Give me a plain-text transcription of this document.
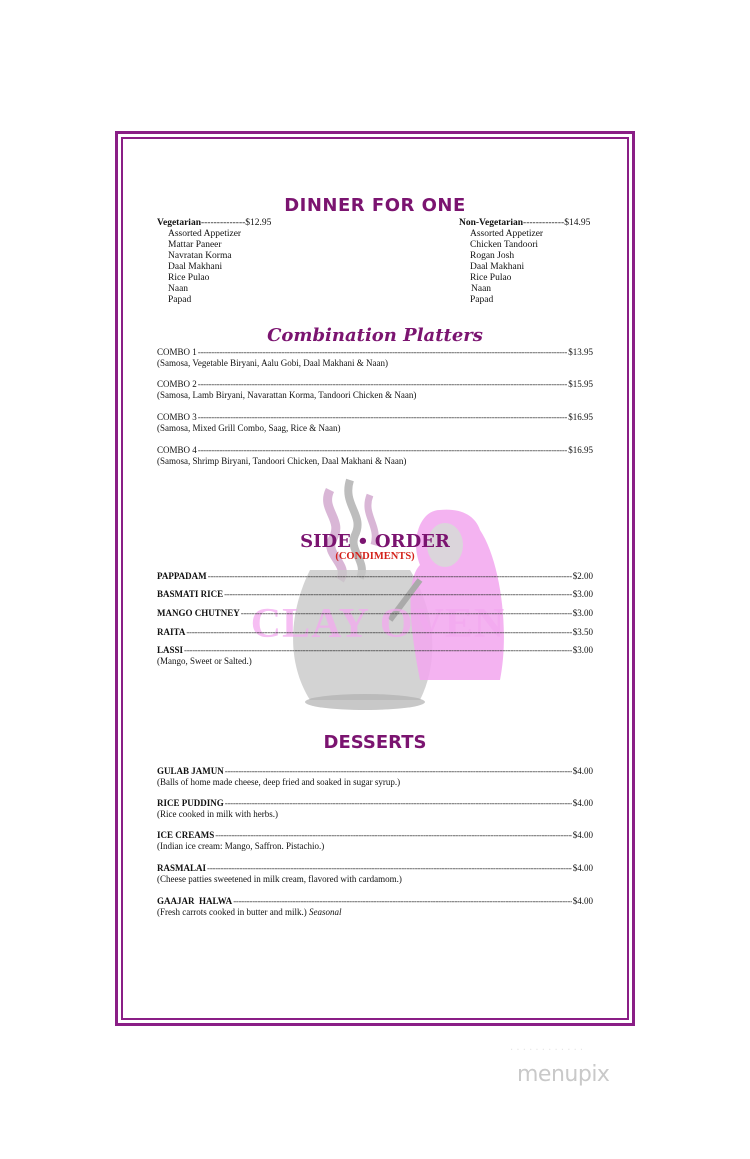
CLAY OVEN
DINNER FOR ONE
Vegetarian--------------$12.95
Assorted Appetizer
Mattar Paneer
Navratan Korma
Daal Makhani
Rice Pulao
Naan
Papad
Non-Vegetarian-------------$14.95
Assorted Appetizer
Chicken Tandoori
Rogan Josh
Daal Makhani
Rice Pulao
Naan
Papad
Combination Platters
COMBO 1 -----	$13.95
(Samosa, Vegetable Biryani, Aalu Gobi, Daal Makhani & Naan)
COMBO 2 -----	$15.95
(Samosa, Lamb Biryani, Navarattan Korma, Tandoori Chicken & Naan)
COMBO 3 -----	$16.95
(Samosa, Mixed Grill Combo, Saag, Rice & Naan)
COMBO 4 -----	$16.95
(Samosa, Shrimp Biryani, Tandoori Chicken, Daal Makhani & Naan)
SIDE • ORDER
(CONDIMENTS)
PAPPADAM -----	$2.00
BASMATI RICE -----	$3.00
MANGO CHUTNEY -----	$3.00
RAITA -----	$3.50
LASSI -----	$3.00
(Mango, Sweet or Salted.)
DESSERTS
GULAB JAMUN -----	$4.00
(Balls of home made cheese, deep fried and soaked in sugar syrup.)
RICE PUDDING -----	$4.00
(Rice cooked in milk with herbs.)
ICE CREAMS -----	$4.00
(Indian ice cream: Mango, Saffron. Pistachio.)
RASMALAI -----	$4.00
(Cheese patties sweetened in milk cream, flavored with cardamom.)
GAAJAR  HALWA -----	$4.00
(Fresh carrots cooked in butter and milk.) Seasonal
· · · · · · · · · · · ·
menupix
